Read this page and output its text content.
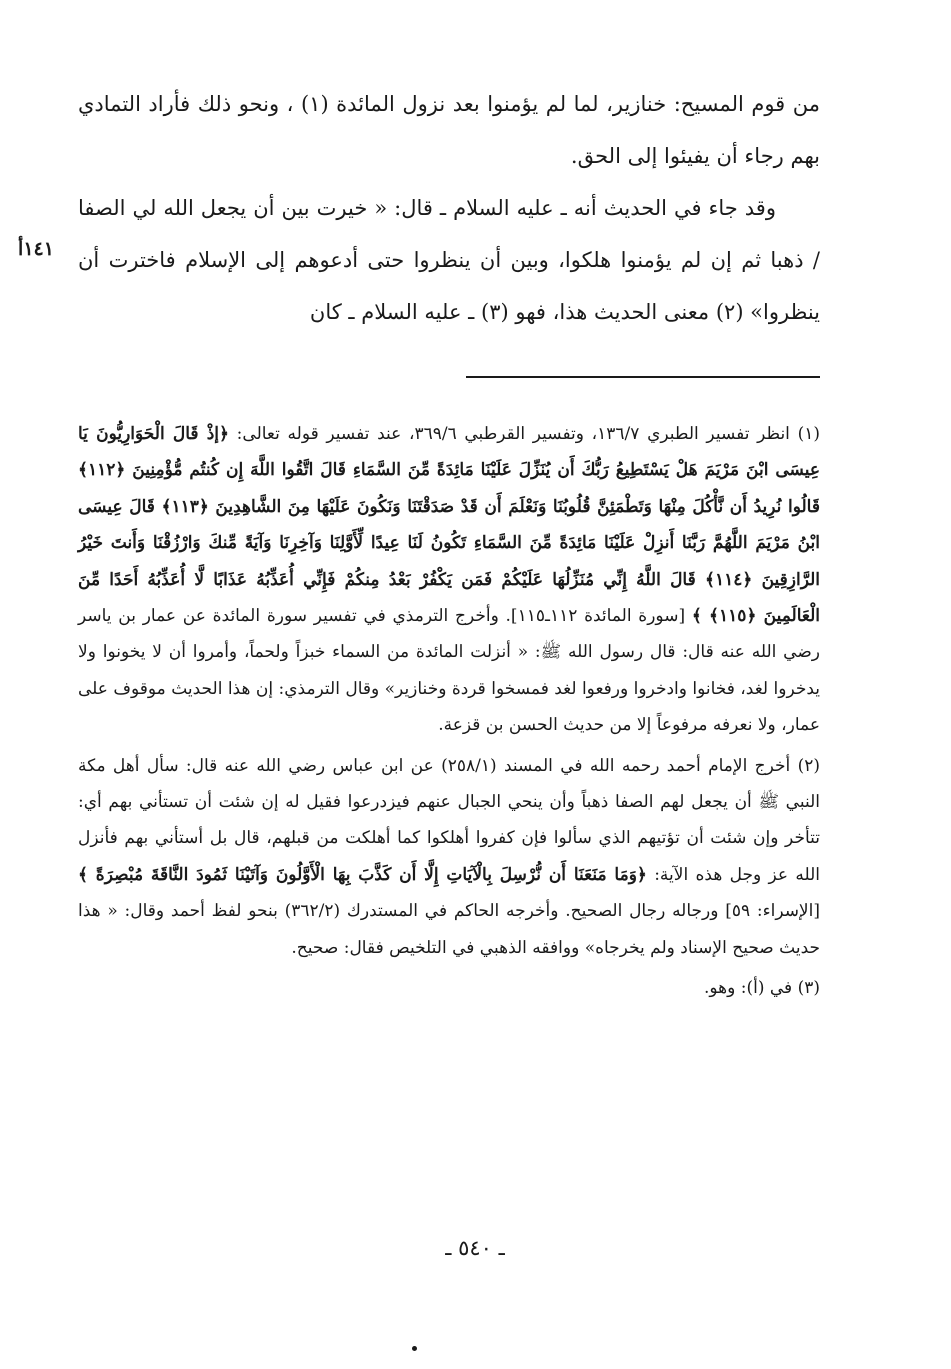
من قوم المسيح: خنازير، لما لم يؤمنوا بعد نزول المائدة (١) ، ونحو ذلك فأراد التمادي بهم رجاء أن يفيئوا إلى الحق.

وقد جاء في الحديث أنه ـ عليه السلام ـ قال: « خيرت بين أن يجعل الله لي الصفا / ذهبا ثم إن لم يؤمنوا هلكوا، وبين أن ينظروا حتى أدعوهم إلى الإسلام فاخترت أن ينظروا» (٢) معنى الحديث هذا، فهو (٣) ـ عليه السلام ـ كان

١٤١أ

(١) انظر تفسير الطبري ١٣٦/٧، وتفسير القرطبي ٣٦٩/٦، عند تفسير قوله تعالى: ﴿إذْ قَالَ الْحَوَارِيُّونَ يَا عِيسَى ابْنَ مَرْيَمَ هَلْ يَسْتَطِيعُ رَبُّكَ أَن يُنَزِّلَ عَلَيْنَا مَائِدَةً مِّنَ السَّمَاءِ قَالَ اتَّقُوا اللَّهَ إِن كُنتُم مُّؤْمِنِينَ ﴿١١٢﴾ قَالُوا نُرِيدُ أَن نَّأْكُلَ مِنْهَا وَتَطْمَئِنَّ قُلُوبُنَا وَنَعْلَمَ أَن قَدْ صَدَقْتَنَا وَنَكُونَ عَلَيْهَا مِنَ الشَّاهِدِينَ ﴿١١٣﴾ قَالَ عِيسَى ابْنُ مَرْيَمَ اللَّهُمَّ رَبَّنَا أَنزِلْ عَلَيْنَا مَائِدَةً مِّنَ السَّمَاءِ تَكُونُ لَنَا عِيدًا لِّأَوَّلِنَا وَآخِرِنَا وَآيَةً مِّنكَ وَارْزُقْنَا وَأَنتَ خَيْرُ الرَّازِقِينَ ﴿١١٤﴾ قَالَ اللَّهُ إِنِّي مُنَزِّلُهَا عَلَيْكُمْ فَمَن يَكْفُرْ بَعْدُ مِنكُمْ فَإِنِّي أُعَذِّبُهُ عَذَابًا لَّا أُعَذِّبُهُ أَحَدًا مِّنَ الْعَالَمِينَ ﴿١١٥﴾ ﴾ [سورة المائدة ١١٢ـ١١٥]. وأخرج الترمذي في تفسير سورة المائدة عن عمار بن ياسر رضي الله عنه قال: قال رسول الله ﷺ: « أنزلت المائدة من السماء خبزاً ولحماً، وأمروا أن لا يخونوا ولا يدخروا لغد، فخانوا وادخروا ورفعوا لغد فمسخوا قردة وخنازير» وقال الترمذي: إن هذا الحديث موقوف على عمار، ولا نعرفه مرفوعاً إلا من حديث الحسن بن قزعة.

(٢) أخرج الإمام أحمد رحمه الله في المسند (٢٥٨/١) عن ابن عباس رضي الله عنه قال: سأل أهل مكة النبي ﷺ أن يجعل لهم الصفا ذهباً وأن ينحي الجبال عنهم فيزدرعوا فقيل له إن شئت أن تستأني بهم أي: تتأخر وإن شئت أن تؤتيهم الذي سألوا فإن كفروا أهلكوا كما أهلكت من قبلهم، قال بل أستأني بهم فأنزل الله عز وجل هذه الآية: ﴿وَمَا مَنَعَنَا أَن نُّرْسِلَ بِالْآيَاتِ إِلَّا أَن كَذَّبَ بِهَا الْأَوَّلُونَ وَآتَيْنَا ثَمُودَ النَّاقَةَ مُبْصِرَةً ﴾ [الإسراء: ٥٩] ورجاله رجال الصحيح. وأخرجه الحاكم في المستدرك (٣٦٢/٢) بنحو لفظ أحمد وقال: « هذا حديث صحيح الإسناد ولم يخرجاه» ووافقه الذهبي في التلخيص فقال: صحيح.

(٣) في (أ): وهو.

ـ ٥٤٠ ـ
